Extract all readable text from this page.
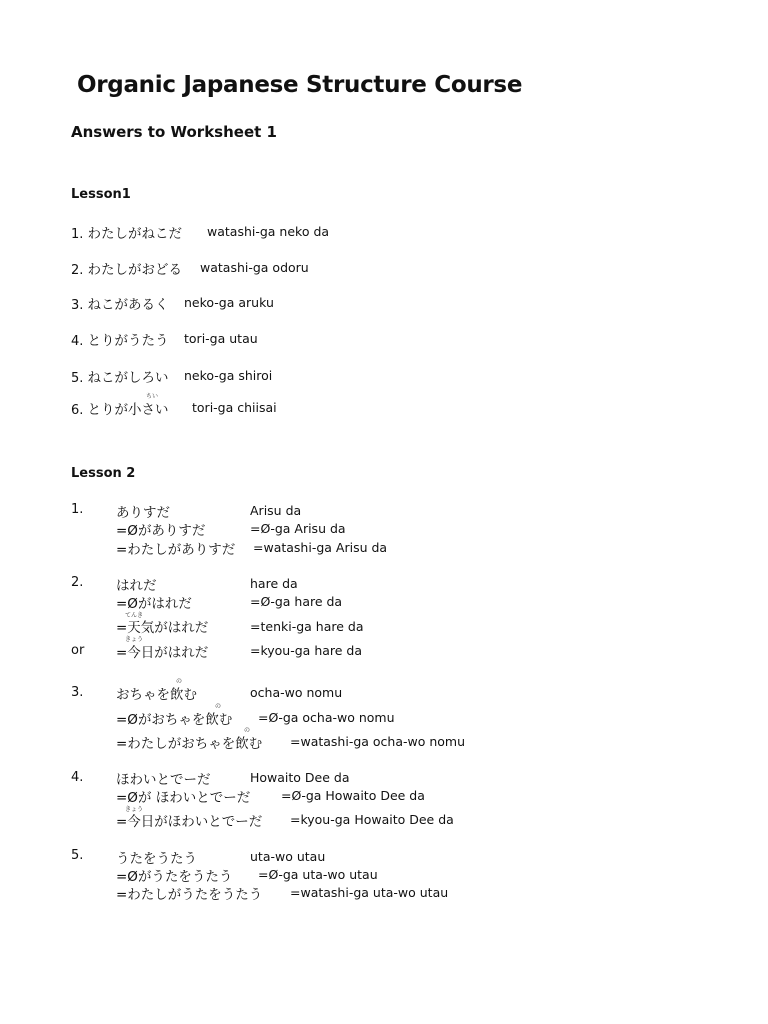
Organic Japanese Structure Course
Answers to Worksheet 1
Lesson1
1. わたしがねこだ watashi-ga neko da
2. わたしがおどる watashi-ga odoru
3. ねこがあるく neko-ga aruku
4. とりがうたう tori-ga utau
5. ねこがしろい neko-ga shiroi
ちい
6. とりが小さい tori-ga chiisai
Lesson 2
1. ありすだ	Arisu da
=Øがありすだ	=Ø-ga Arisu da
=わたしがありすだ =watashi-ga Arisu da
2. はれだ	hare da
=Øがはれだ	=Ø-ga hare da
てんき
=天気がはれだ	=tenki-ga hare da
or
きょう
=今日がはれだ	=kyou-ga hare da
3.
の
おちゃを飲む	ocha-wo nomu
の
=Øがおちゃを飲む =Ø-ga ocha-wo nomu
の
=わたしがおちゃを飲む =watashi-ga ocha-wo nomu
4. ほわいとでーだ	Howaito Dee da
=Øが ほわいとでーだ =Ø-ga Howaito Dee da
きょう
=今日がほわいとでーだ =kyou-ga Howaito Dee da
5. うたをうたう	uta-wo utau
=Øがうたをうたう =Ø-ga uta-wo utau
=わたしがうたをうたう =watashi-ga uta-wo utau
